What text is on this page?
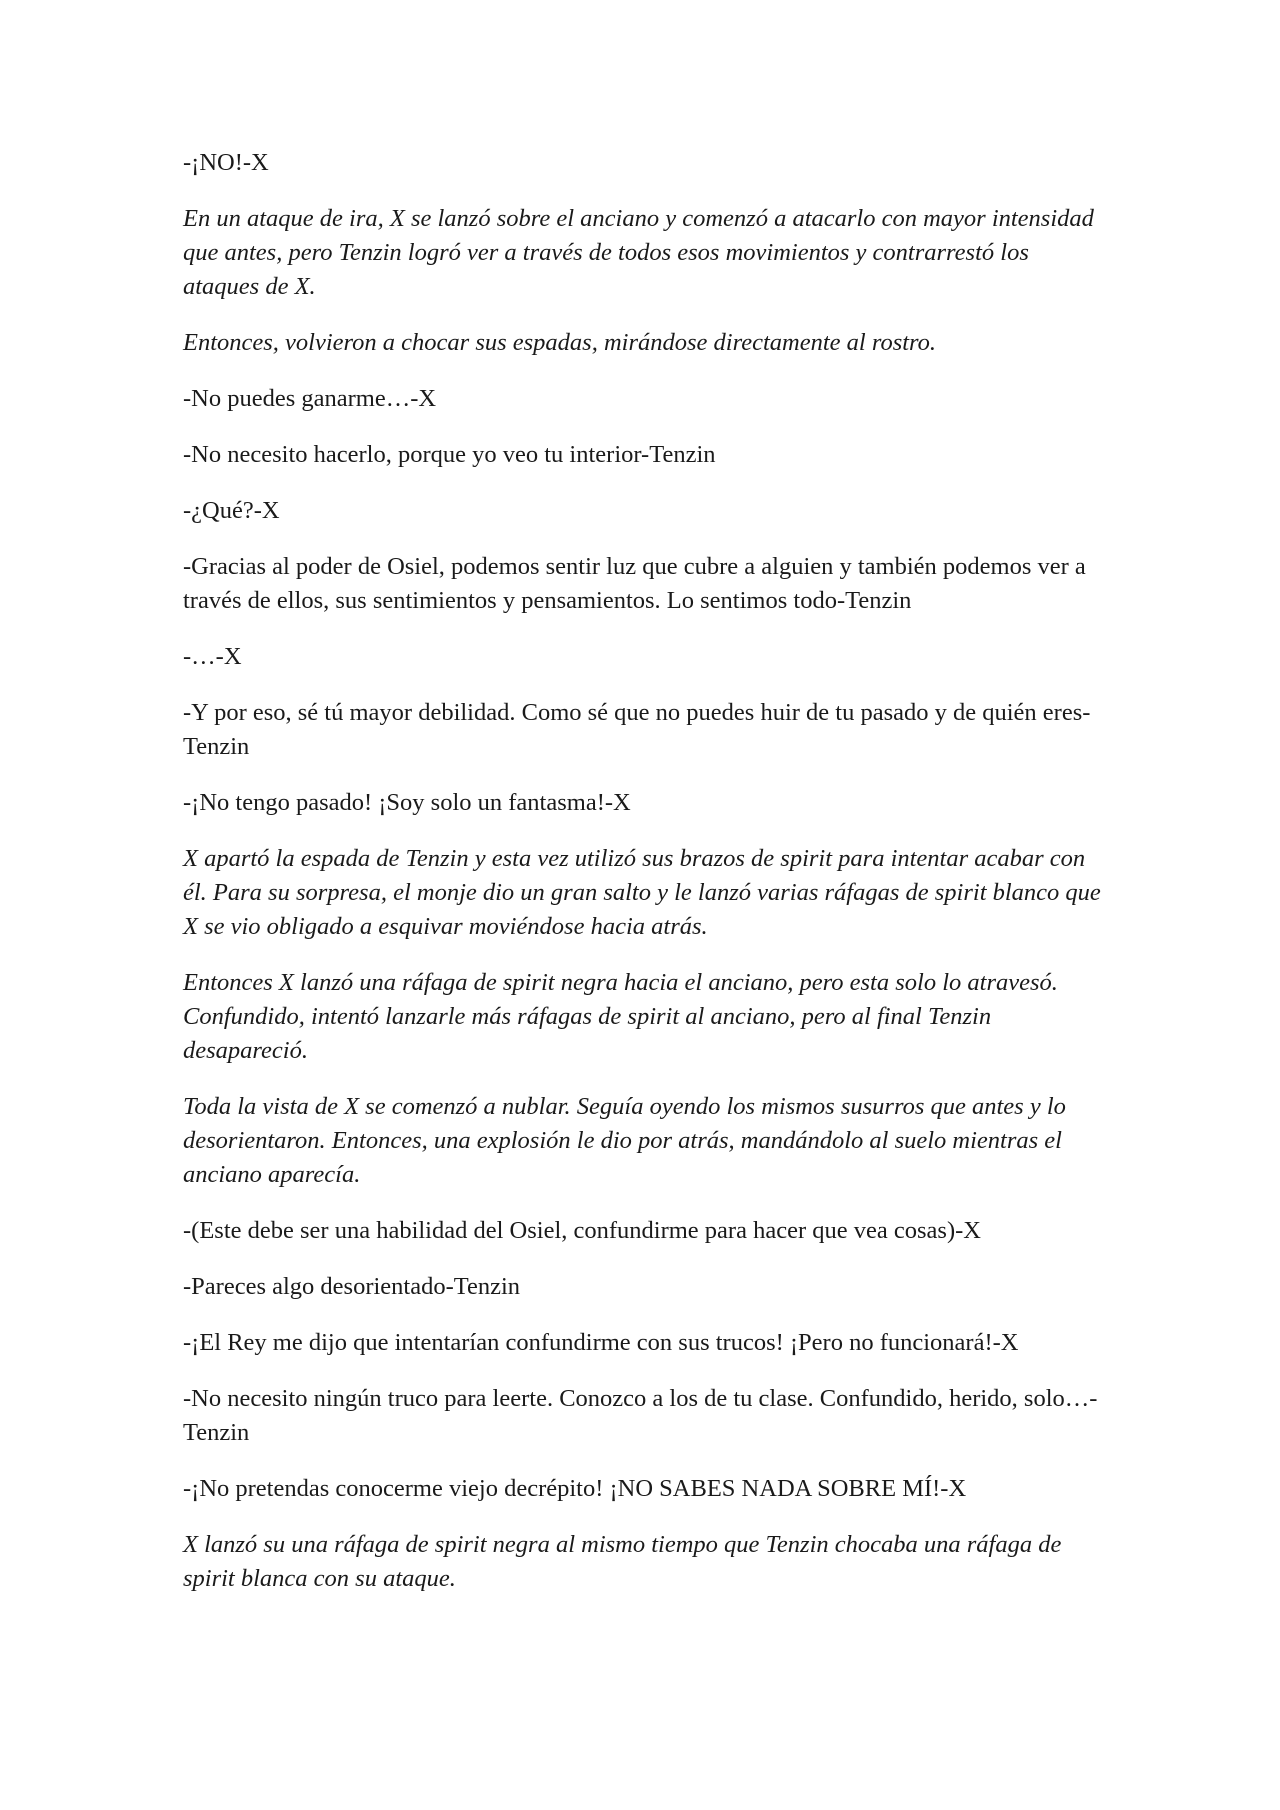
-¡NO!-X

En un ataque de ira, X se lanzó sobre el anciano y comenzó a atacarlo con mayor intensidad que antes, pero Tenzin logró ver a través de todos esos movimientos y contrarrestó los ataques de X.

Entonces, volvieron a chocar sus espadas, mirándose directamente al rostro.

-No puedes ganarme…-X

-No necesito hacerlo, porque yo veo tu interior-Tenzin

-¿Qué?-X

-Gracias al poder de Osiel, podemos sentir luz que cubre a alguien y también podemos ver a través de ellos, sus sentimientos y pensamientos. Lo sentimos todo-Tenzin

-…-X

-Y por eso, sé tú mayor debilidad. Como sé que no puedes huir de tu pasado y de quién eres-Tenzin

-¡No tengo pasado! ¡Soy solo un fantasma!-X

X apartó la espada de Tenzin y esta vez utilizó sus brazos de spirit para intentar acabar con él. Para su sorpresa, el monje dio un gran salto y le lanzó varias ráfagas de spirit blanco que X se vio obligado a esquivar moviéndose hacia atrás.

Entonces X lanzó una ráfaga de spirit negra hacia el anciano, pero esta solo lo atravesó. Confundido, intentó lanzarle más ráfagas de spirit al anciano, pero al final Tenzin desapareció.

Toda la vista de X se comenzó a nublar. Seguía oyendo los mismos susurros que antes y lo desorientaron. Entonces, una explosión le dio por atrás, mandándolo al suelo mientras el anciano aparecía.

-(Este debe ser una habilidad del Osiel, confundirme para hacer que vea cosas)-X

-Pareces algo desorientado-Tenzin

-¡El Rey me dijo que intentarían confundirme con sus trucos! ¡Pero no funcionará!-X

-No necesito ningún truco para leerte. Conozco a los de tu clase. Confundido, herido, solo…-Tenzin

-¡No pretendas conocerme viejo decrépito! ¡NO SABES NADA SOBRE MÍ!-X

X lanzó su una ráfaga de spirit negra al mismo tiempo que Tenzin chocaba una ráfaga de spirit blanca con su ataque.
